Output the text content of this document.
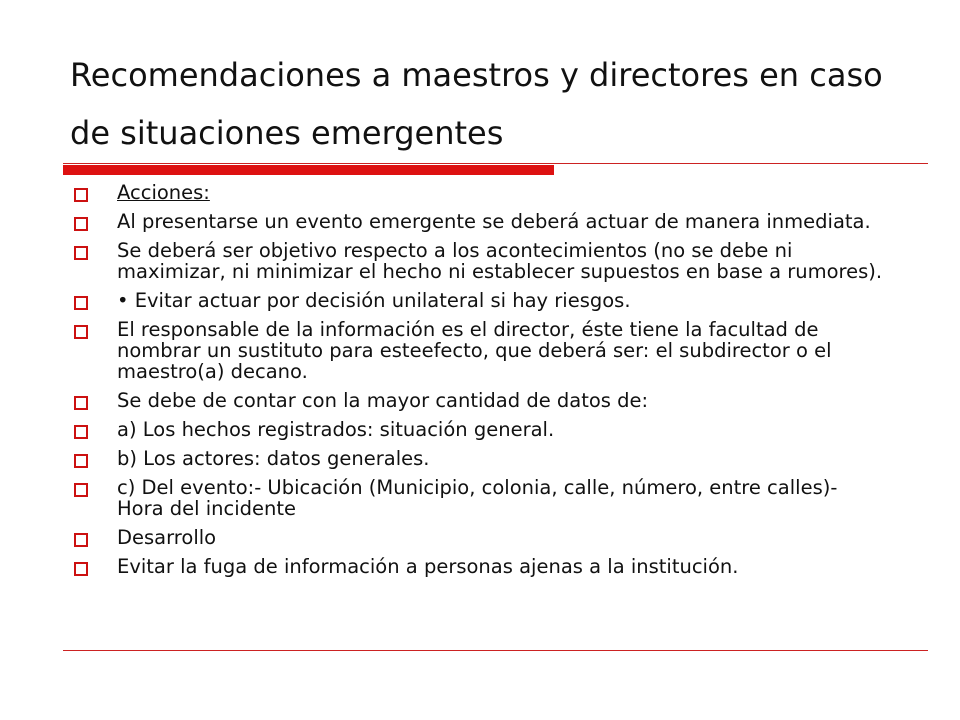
Recomendaciones a maestros y directores en caso de situaciones emergentes
Acciones:
Al presentarse un evento emergente se deberá actuar de manera inmediata.
Se deberá ser objetivo respecto a los acontecimientos (no se debe ni maximizar, ni minimizar el hecho ni establecer supuestos en base a rumores).
• Evitar actuar por decisión unilateral si hay riesgos.
El responsable de la información es el director, éste tiene la facultad de nombrar un sustituto para esteefecto, que deberá ser: el subdirector o el maestro(a) decano.
Se debe de contar con la mayor cantidad de datos de:
a) Los hechos registrados: situación general.
b) Los actores: datos generales.
c) Del evento:- Ubicación (Municipio, colonia, calle, número, entre calles)- Hora del incidente
Desarrollo
Evitar la fuga de información a personas ajenas a la institución.
